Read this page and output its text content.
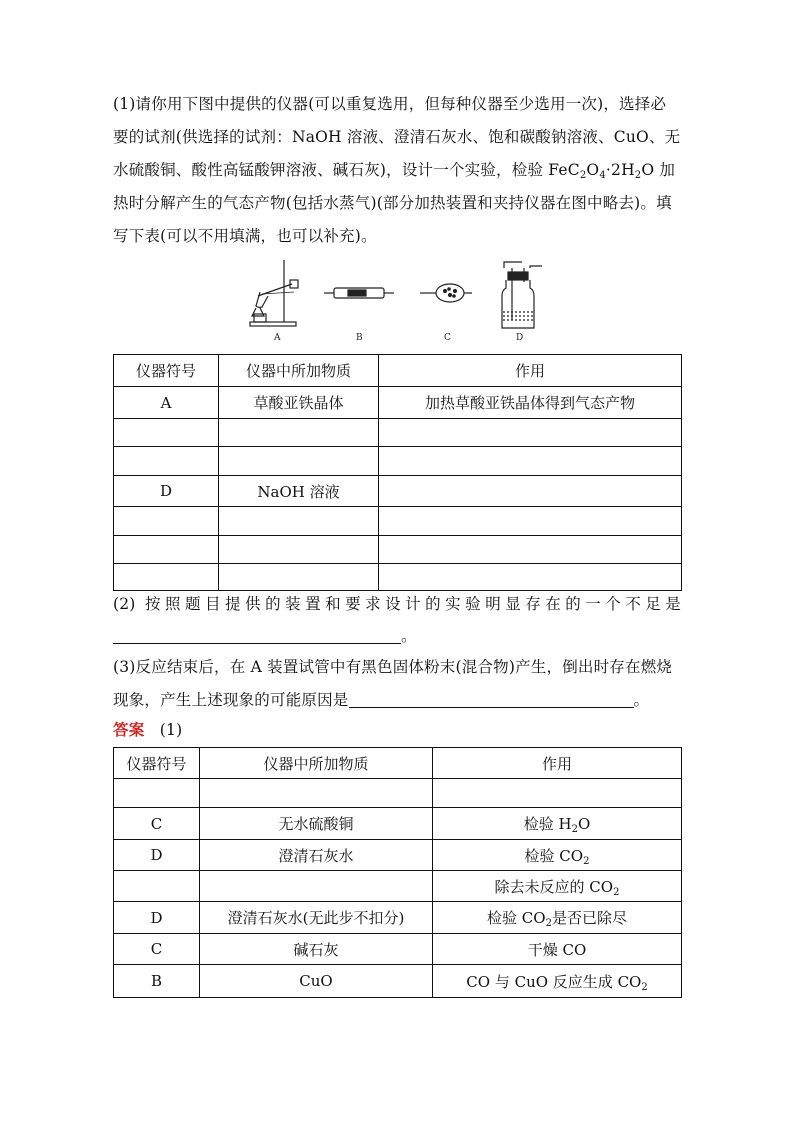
(1)请你用下图中提供的仪器(可以重复选用，但每种仪器至少选用一次)，选择必要的试剂(供选择的试剂：NaOH 溶液、澄清石灰水、饱和碳酸钠溶液、CuO、无水硫酸铜、酸性高锰酸钾溶液、碱石灰)，设计一个实验，检验 $FeC_2O_4\cdot 2H_2O$ 加热时分解产生的气态产物(包括水蒸气)(部分加热装置和夹持仪器在图中略去)。填写下表(可以不用填满，也可以补充)。
A	B	C	D
仪器符号	仪器中所加物质	作用
A	草酸亚铁晶体	加热草酸亚铁晶体得到气态产物

D	NaOH 溶液	

(2) 按照题目提供的装置和要求设计的实验明显存在的一个不足是
。
(3)反应结束后，在 A 装置试管中有黑色固体粉末(混合物)产生，倒出时存在燃烧现象，产生上述现象的可能原因是	。
答案 (1)
仪器符号	仪器中所加物质	作用

C	无水硫酸铜	检验 $H_2O$
D	澄清石灰水	检验 $CO_2$
		除去未反应的 $CO_2$
D	澄清石灰水(无此步不扣分)	检验 $CO_2$是否已除尽
C	碱石灰	干燥 CO
B	CuO	CO 与 CuO 反应生成 $CO_2$
